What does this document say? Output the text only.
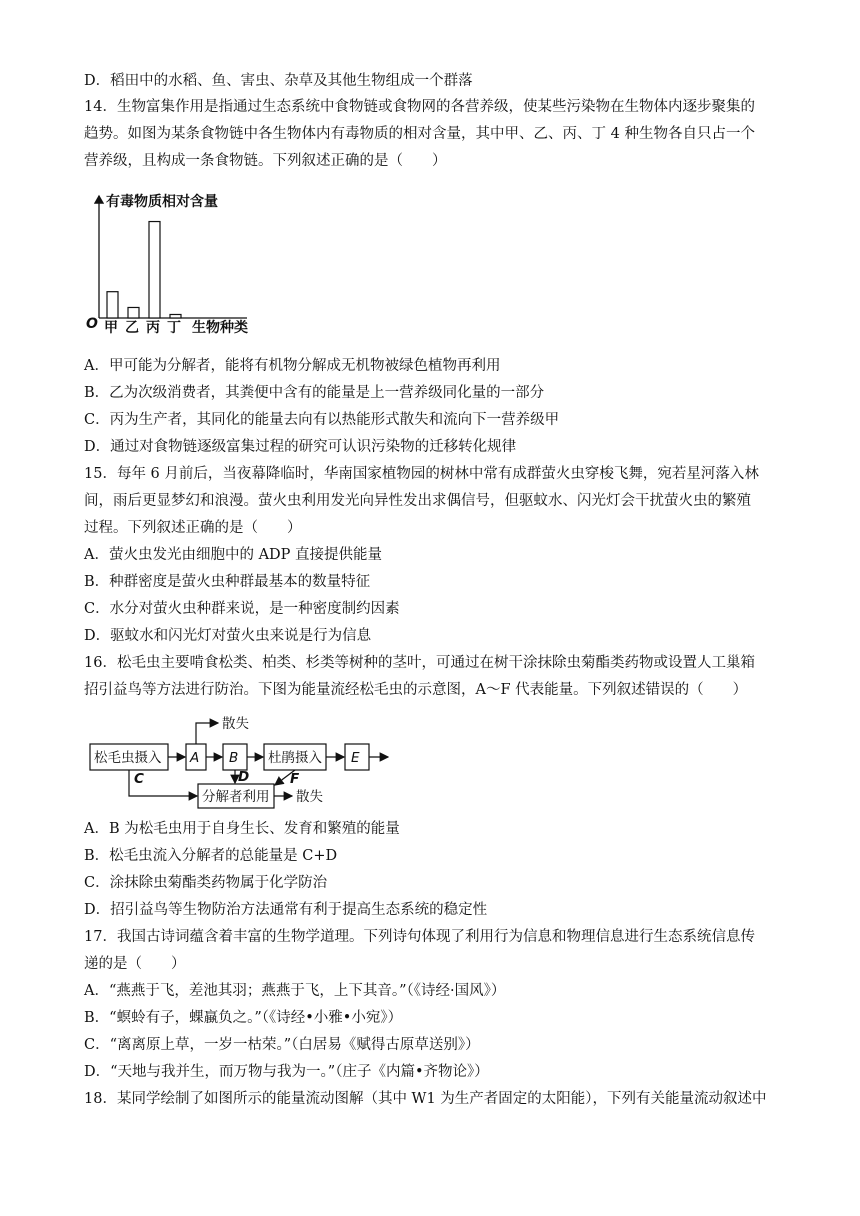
D．稻田中的水稻、鱼、害虫、杂草及其他生物组成一个群落
14．生物富集作用是指通过生态系统中食物链或食物网的各营养级，使某些污染物在生物体内逐步聚集的
趋势。如图为某条食物链中各生物体内有毒物质的相对含量，其中甲、乙、丙、丁 4 种生物各自只占一个
营养级，且构成一条食物链。下列叙述正确的是（　　）
有毒物质相对含量
O 甲 乙 丙 丁 生物种类
A．甲可能为分解者，能将有机物分解成无机物被绿色植物再利用
B．乙为次级消费者，其粪便中含有的能量是上一营养级同化量的一部分
C．丙为生产者，其同化的能量去向有以热能形式散失和流向下一营养级甲
D．通过对食物链逐级富集过程的研究可认识污染物的迁移转化规律
15．每年 6 月前后，当夜幕降临时，华南国家植物园的树林中常有成群萤火虫穿梭飞舞，宛若星河落入林
间，雨后更显梦幻和浪漫。萤火虫利用发光向异性发出求偶信号，但驱蚊水、闪光灯会干扰萤火虫的繁殖
过程。下列叙述正确的是（　　）
A．萤火虫发光由细胞中的 ADP 直接提供能量
B．种群密度是萤火虫种群最基本的数量特征
C．水分对萤火虫种群来说，是一种密度制约因素
D．驱蚊水和闪光灯对萤火虫来说是行为信息
16．松毛虫主要啃食松类、柏类、杉类等树种的茎叶，可通过在树干涂抹除虫菊酯类药物或设置人工巢箱
招引益鸟等方法进行防治。下图为能量流经松毛虫的示意图，A～F 代表能量。下列叙述错误的（　　）
松毛虫摄入 A B 杜鹃摄入 E
分解者利用
散失
散失
C	D	F
A．B 为松毛虫用于自身生长、发育和繁殖的能量
B．松毛虫流入分解者的总能量是 C+D
C．涂抹除虫菊酯类药物属于化学防治
D．招引益鸟等生物防治方法通常有利于提高生态系统的稳定性
17．我国古诗词蕴含着丰富的生物学道理。下列诗句体现了利用行为信息和物理信息进行生态系统信息传
递的是（　　）
A．“燕燕于飞，差池其羽；燕燕于飞，上下其音。”（《诗经·国风》）
B．“螟蛉有子，蜾蠃负之。”（《诗经•小雅•小宛》）
C．“离离原上草，一岁一枯荣。”（白居易《赋得古原草送别》）
D．“天地与我并生，而万物与我为一。”（庄子《内篇•齐物论》）
18．某同学绘制了如图所示的能量流动图解（其中 W1 为生产者固定的太阳能），下列有关能量流动叙述中
